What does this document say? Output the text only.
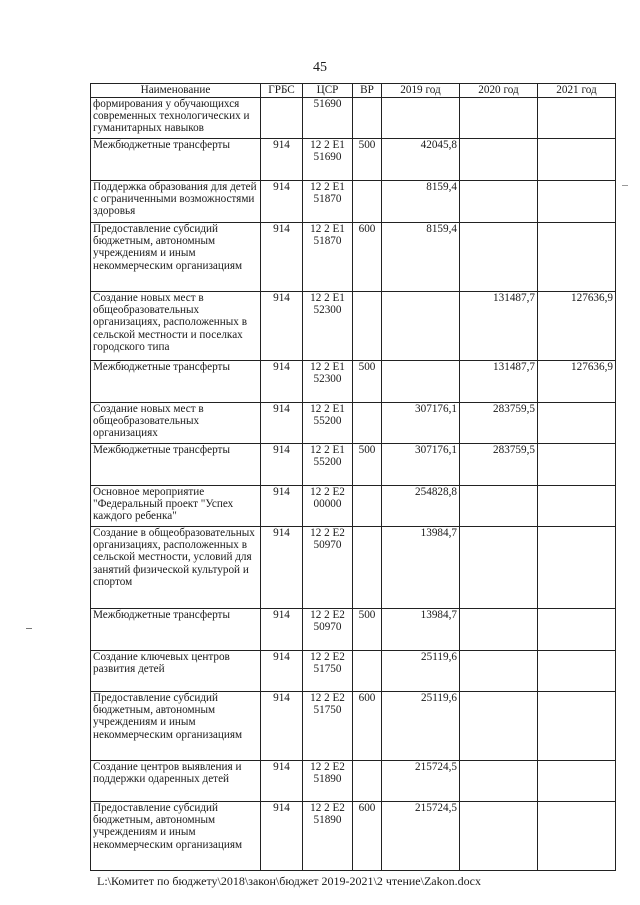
45
Наименование	ГРБС	ЦСР	ВР	2019 год	2020 год	2021 год
формирования у обучающихся современных технологических и гуманитарных навыков		51690				
Межбюджетные трансферты	914	12 2 E1 51690	500	42045,8		
Поддержка образования для детей с ограниченными возможностями здоровья	914	12 2 E1 51870		8159,4		
Предоставление субсидий бюджетным, автономным учреждениям и иным некоммерческим организациям	914	12 2 E1 51870	600	8159,4		
Создание новых мест в общеобразовательных организациях, расположенных в сельской местности и поселках городского типа	914	12 2 E1 52300			131487,7	127636,9
Межбюджетные трансферты	914	12 2 E1 52300	500		131487,7	127636,9
Создание новых мест в общеобразовательных организациях	914	12 2 E1 55200		307176,1	283759,5	
Межбюджетные трансферты	914	12 2 E1 55200	500	307176,1	283759,5	
Основное мероприятие "Федеральный проект "Успех каждого ребенка"	914	12 2 E2 00000		254828,8		
Создание в общеобразовательных организациях, расположенных в сельской местности, условий для занятий физической культурой и спортом	914	12 2 E2 50970		13984,7		
Межбюджетные трансферты	914	12 2 E2 50970	500	13984,7		
Создание ключевых центров развития детей	914	12 2 E2 51750		25119,6		
Предоставление субсидий бюджетным, автономным учреждениям и иным некоммерческим организациям	914	12 2 E2 51750	600	25119,6		
Создание центров выявления и поддержки одаренных детей	914	12 2 E2 51890		215724,5		
Предоставление субсидий бюджетным, автономным учреждениям и иным некоммерческим организациям	914	12 2 E2 51890	600	215724,5		
L:\Комитет по бюджету\2018\закон\бюджет 2019-2021\2 чтение\Zakon.docx
